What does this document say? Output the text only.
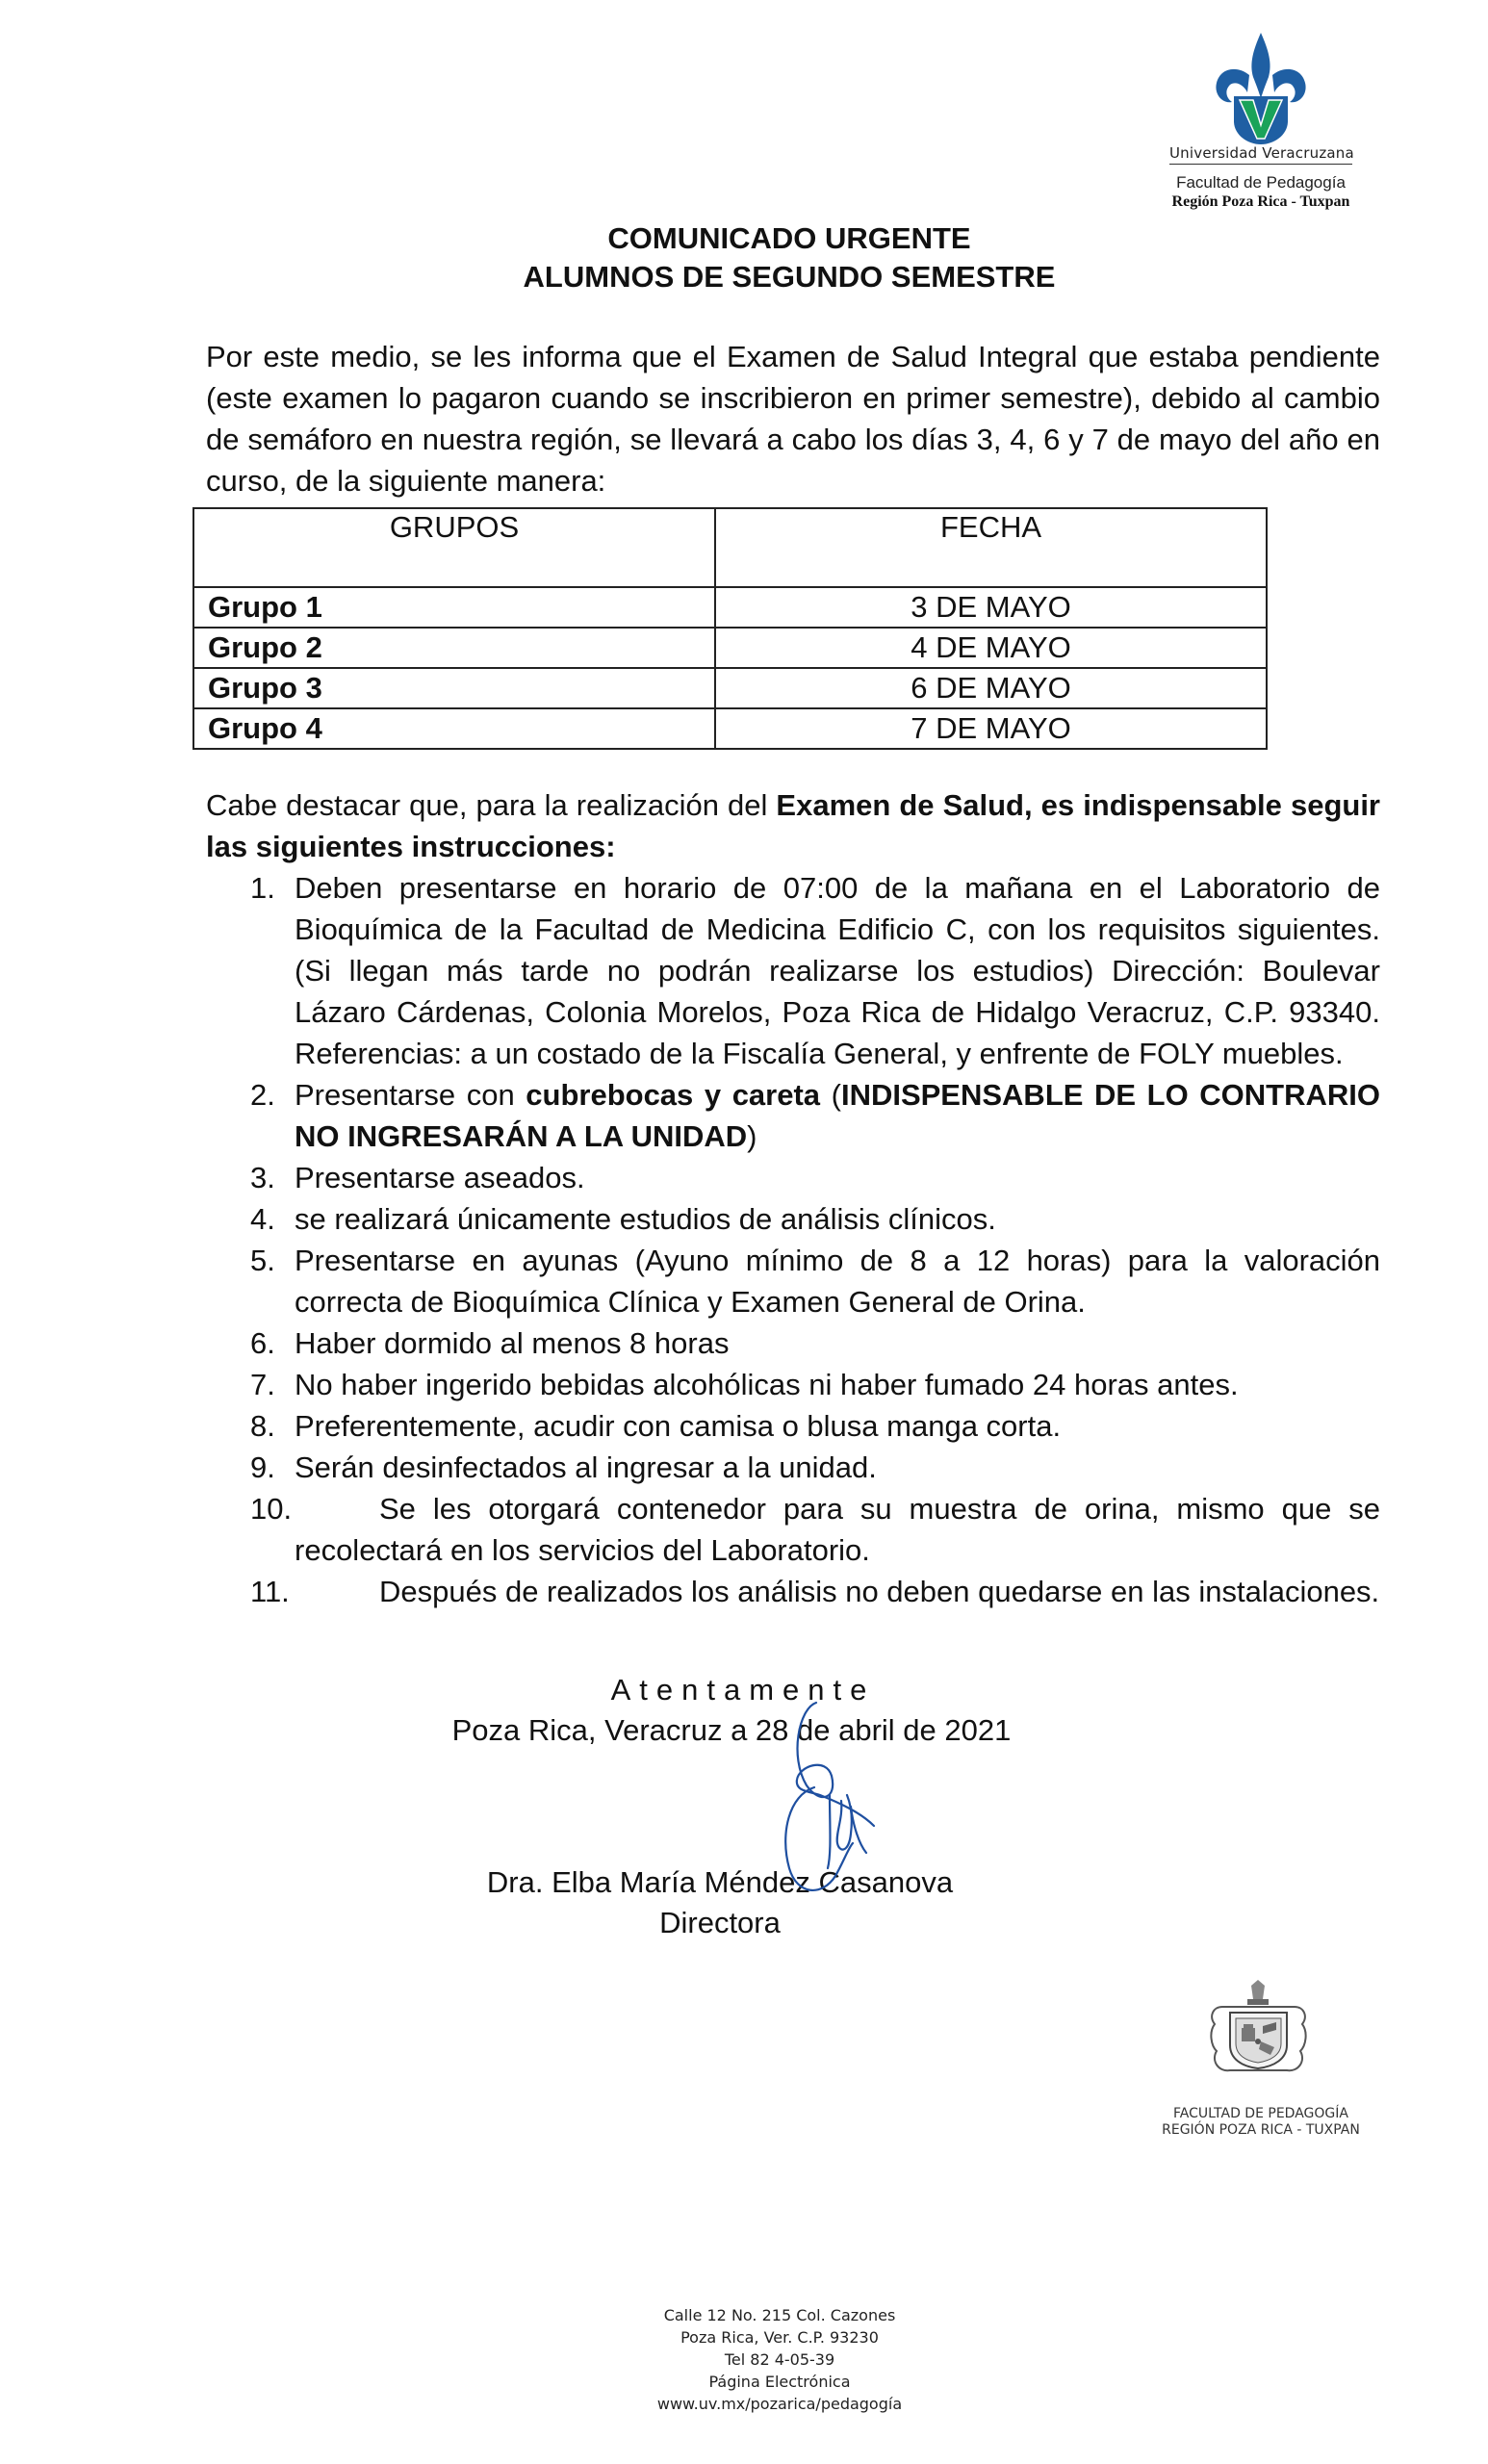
Universidad Veracruzana
Facultad de Pedagogía
Región Poza Rica - Tuxpan
COMUNICADO URGENTE
ALUMNOS DE SEGUNDO SEMESTRE
Por este medio, se les informa que el Examen de Salud Integral que estaba pendiente (este examen lo pagaron cuando se inscribieron en primer semestre), debido al cambio de semáforo en nuestra región, se llevará a cabo los días 3, 4, 6 y 7 de mayo del año en curso, de la siguiente manera:
GRUPOS	FECHA
Grupo 1	3 DE MAYO
Grupo 2	4 DE MAYO
Grupo 3	6 DE MAYO
Grupo 4	7 DE MAYO
Cabe destacar que, para la realización del Examen de Salud, es indispensable seguir las siguientes instrucciones:
1. Deben presentarse en horario de 07:00 de la mañana en el Laboratorio de Bioquímica de la Facultad de Medicina Edificio C, con los requisitos siguientes. (Si llegan más tarde no podrán realizarse los estudios) Dirección: Boulevar Lázaro Cárdenas, Colonia Morelos, Poza Rica de Hidalgo Veracruz, C.P. 93340. Referencias: a un costado de la Fiscalía General, y enfrente de FOLY muebles.
2. Presentarse con cubrebocas y careta (INDISPENSABLE DE LO CONTRARIO NO INGRESARÁN A LA UNIDAD)
3. Presentarse aseados.
4. se realizará únicamente estudios de análisis clínicos.
5. Presentarse en ayunas (Ayuno mínimo de 8 a 12 horas) para la valoración correcta de Bioquímica Clínica y Examen General de Orina.
6. Haber dormido al menos 8 horas
7. No haber ingerido bebidas alcohólicas ni haber fumado 24 horas antes.
8. Preferentemente, acudir con camisa o blusa manga corta.
9. Serán desinfectados al ingresar a la unidad.
10.	Se les otorgará contenedor para su muestra de orina, mismo que se recolectará en los servicios del Laboratorio.
11.	Después de realizados los análisis no deben quedarse en las instalaciones.
Atentamente
Poza Rica, Veracruz a 28 de abril de 2021
Dra. Elba María Méndez Casanova
Directora
FACULTAD DE PEDAGOGÍA
REGIÓN POZA RICA - TUXPAN
Calle 12 No. 215 Col. Cazones
Poza Rica, Ver. C.P. 93230
Tel 82 4-05-39
Página Electrónica
www.uv.mx/pozarica/pedagogía
